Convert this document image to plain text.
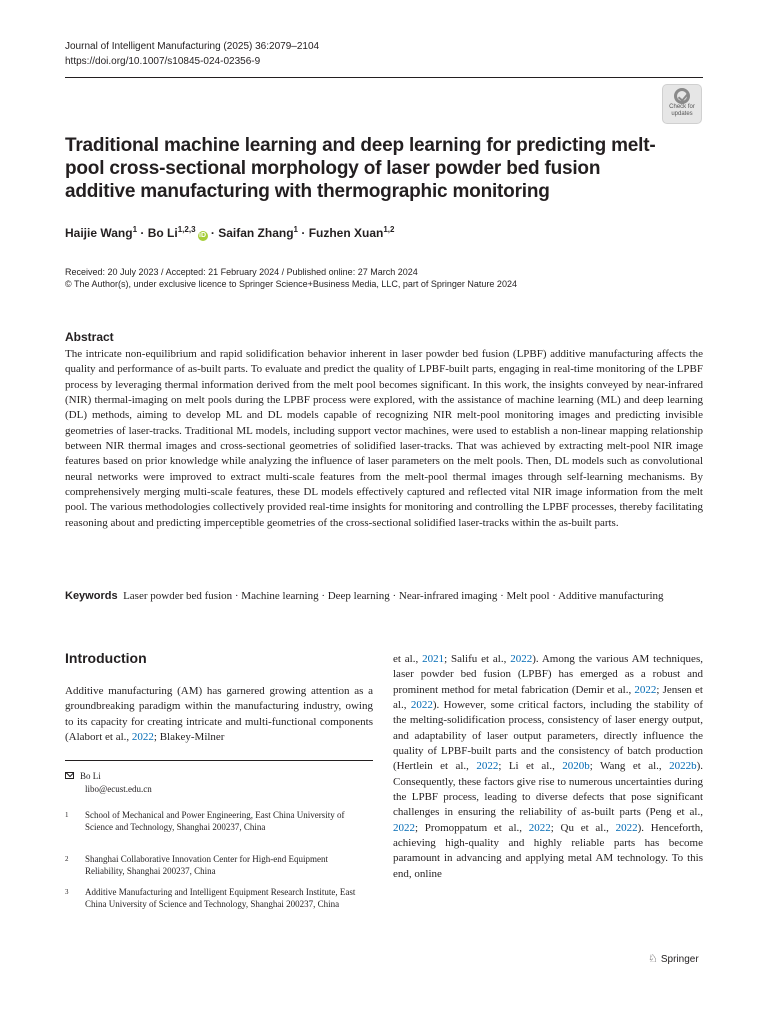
Journal of Intelligent Manufacturing (2025) 36:2079–2104
https://doi.org/10.1007/s10845-024-02356-9
Check for
updates
Traditional machine learning and deep learning for predicting melt-pool cross-sectional morphology of laser powder bed fusion additive manufacturing with thermographic monitoring
Haijie Wang$^1$ · Bo Li$^{1,2,3}$iD · Saifan Zhang$^1$ · Fuzhen Xuan$^{1,2}$
Received: 20 July 2023 / Accepted: 21 February 2024 / Published online: 27 March 2024
© The Author(s), under exclusive licence to Springer Science+Business Media, LLC, part of Springer Nature 2024
Abstract

The intricate non-equilibrium and rapid solidification behavior inherent in laser powder bed fusion (LPBF) additive manufacturing affects the quality and performance of as-built parts. To evaluate and predict the quality of LPBF-built parts, engaging in real-time monitoring of the LPBF process by leveraging thermal information derived from the melt pool becomes significant. In this work, the insights conveyed by near-infrared (NIR) thermal-imaging on melt pools during the LPBF process were explored, with the assistance of machine learning (ML) and deep learning (DL) methods, aiming to develop ML and DL models capable of recognizing NIR melt-pool monitoring images and predicting invisible geometries of laser-tracks. Traditional ML models, including support vector machines, were used to establish a non-linear mapping relationship between NIR thermal images and cross-sectional geometries of solidified laser-tracks. That was achieved by extracting melt-pool NIR image features based on prior knowledge while analyzing the influence of laser parameters on the melt pools. Then, DL models such as convolutional neural networks were improved to extract multi-scale features from the melt-pool thermal images through self-learning mechanisms. By comprehensively merging multi-scale features, these DL models effectively captured and reflected vital NIR image information from the melt pool. The various methodologies collectively provided real-time insights for monitoring and controlling the LPBF processes, thereby facilitating reasoning about and predicting imperceptible geometries of the cross-sectional solidified laser-tracks within the as-built parts.

Keywords Laser powder bed fusion · Machine learning · Deep learning · Near-infrared imaging · Melt pool · Additive manufacturing

Introduction

Additive manufacturing (AM) has garnered growing attention as a groundbreaking paradigm within the manufacturing industry, owing to its capacity for creating intricate and multi-functional components (Alabort et al., 2022; Blakey-Milner

et al., 2021; Salifu et al., 2022). Among the various AM techniques, laser powder bed fusion (LPBF) has emerged as a robust and prominent method for metal fabrication (Demir et al., 2022; Jensen et al., 2022). However, some critical factors, including the stability of the melting-solidification process, consistency of laser energy output, and adaptability of laser output parameters, directly influence the quality of LPBF-built parts and the consistency of batch production (Hertlein et al., 2022; Li et al., 2020b; Wang et al., 2022b). Consequently, these factors give rise to numerous uncertainties during the LPBF process, leading to diverse defects that pose significant challenges in ensuring the reliability of as-built parts (Peng et al., 2022; Promoppatum et al., 2022; Qu et al., 2022). Henceforth, achieving high-quality and highly reliable parts has become paramount in advancing and applying metal AM technology. To this end, online

Bo Li
libo@ecust.edu.cn
1 School of Mechanical and Power Engineering, East China University of Science and Technology, Shanghai 200237, China
2 Shanghai Collaborative Innovation Center for High-end Equipment Reliability, Shanghai 200237, China
3 Additive Manufacturing and Intelligent Equipment Research Institute, East China University of Science and Technology, Shanghai 200237, China
♘ Springer
